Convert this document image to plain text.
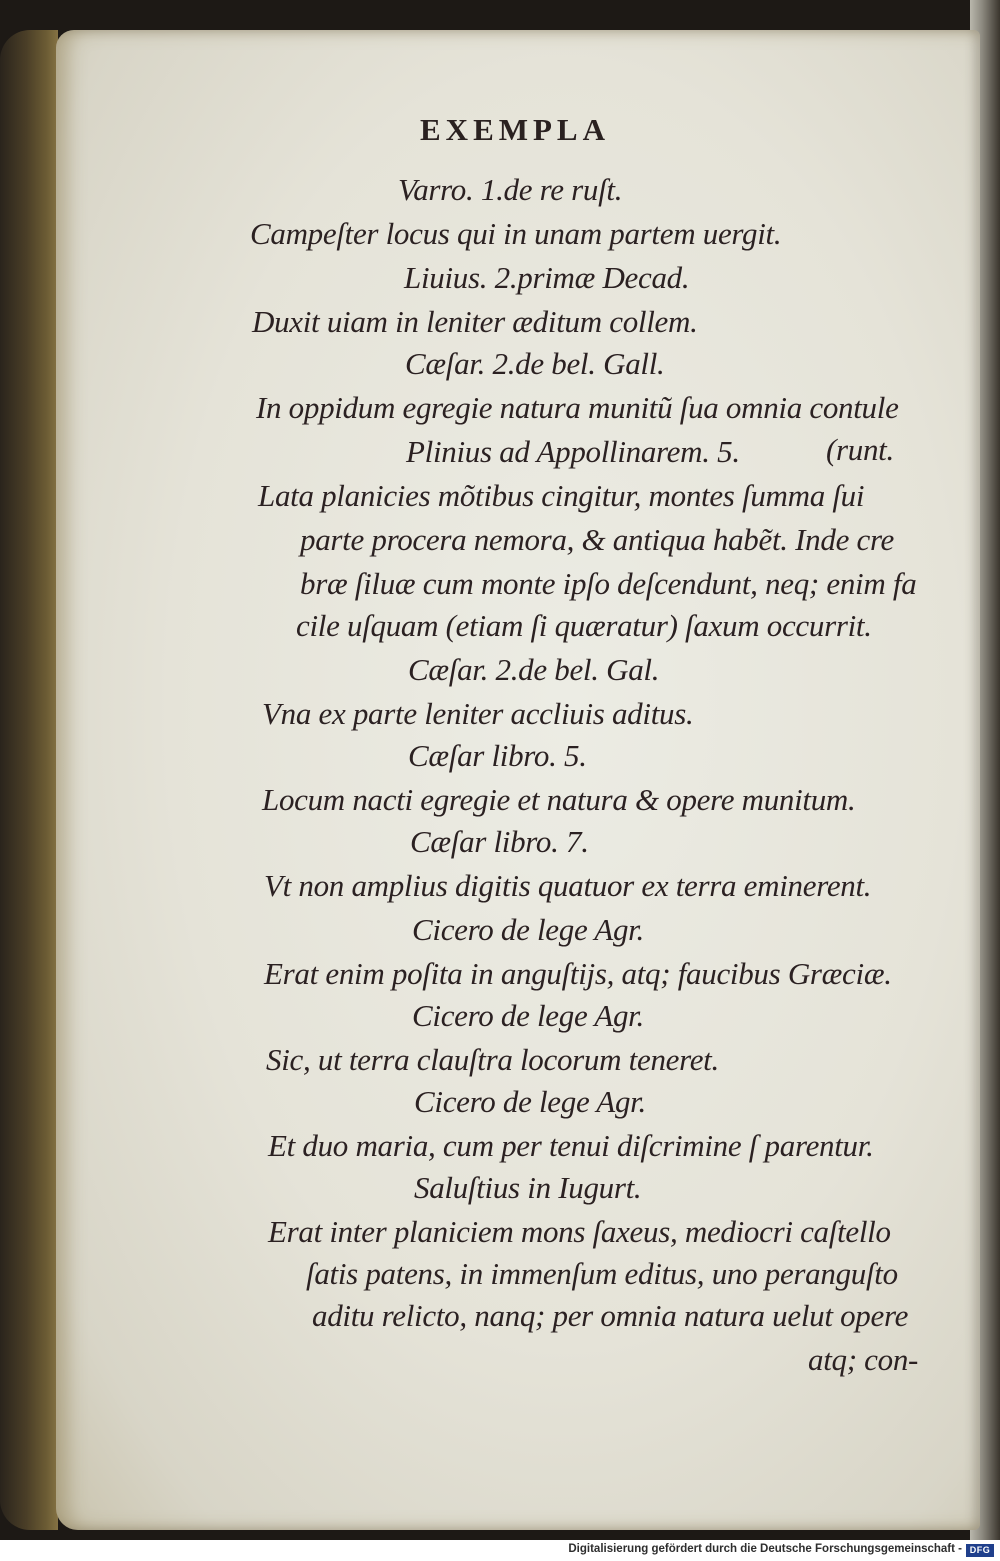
EXEMPLA
Varro. 1.de re ruſt.
Campeſter locus qui in unam partem uergit.
Liuius. 2.primæ Decad.
Duxit uiam in leniter æditum collem.
Cæſar. 2.de bel. Gall.
In oppidum egregie natura munitũ ſua omnia contule
Plinius ad Appollinarem. 5.	(runt.
Lata planicies mõtibus cingitur, montes ſumma ſui
parte procera nemora, & antiqua habẽt. Inde cre
bræ ſiluæ cum monte ipſo deſcendunt, neq; enim fa
cile uſquam (etiam ſi quæratur) ſaxum occurrit.
Cæſar. 2.de bel. Gal.
Vna ex parte leniter accliuis aditus.
Cæſar libro. 5.
Locum nacti egregie et natura & opere munitum.
Cæſar libro. 7.
Vt non amplius digitis quatuor ex terra eminerent.
Cicero de lege Agr.
Erat enim poſita in anguſtijs, atq; faucibus Græciæ.
Cicero de lege Agr.
Sic, ut terra clauſtra locorum teneret.
Cicero de lege Agr.
Et duo maria, cum per tenui diſcrimine ſ parentur.
Saluſtius in Iugurt.
Erat inter planiciem mons ſaxeus, mediocri caſtello
ſatis patens, in immenſum editus, uno peranguſto
aditu relicto, nanq; per omnia natura uelut opere
atq; con-
Digitalisierung gefördert durch die Deutsche Forschungsgemeinschaft - DFG
